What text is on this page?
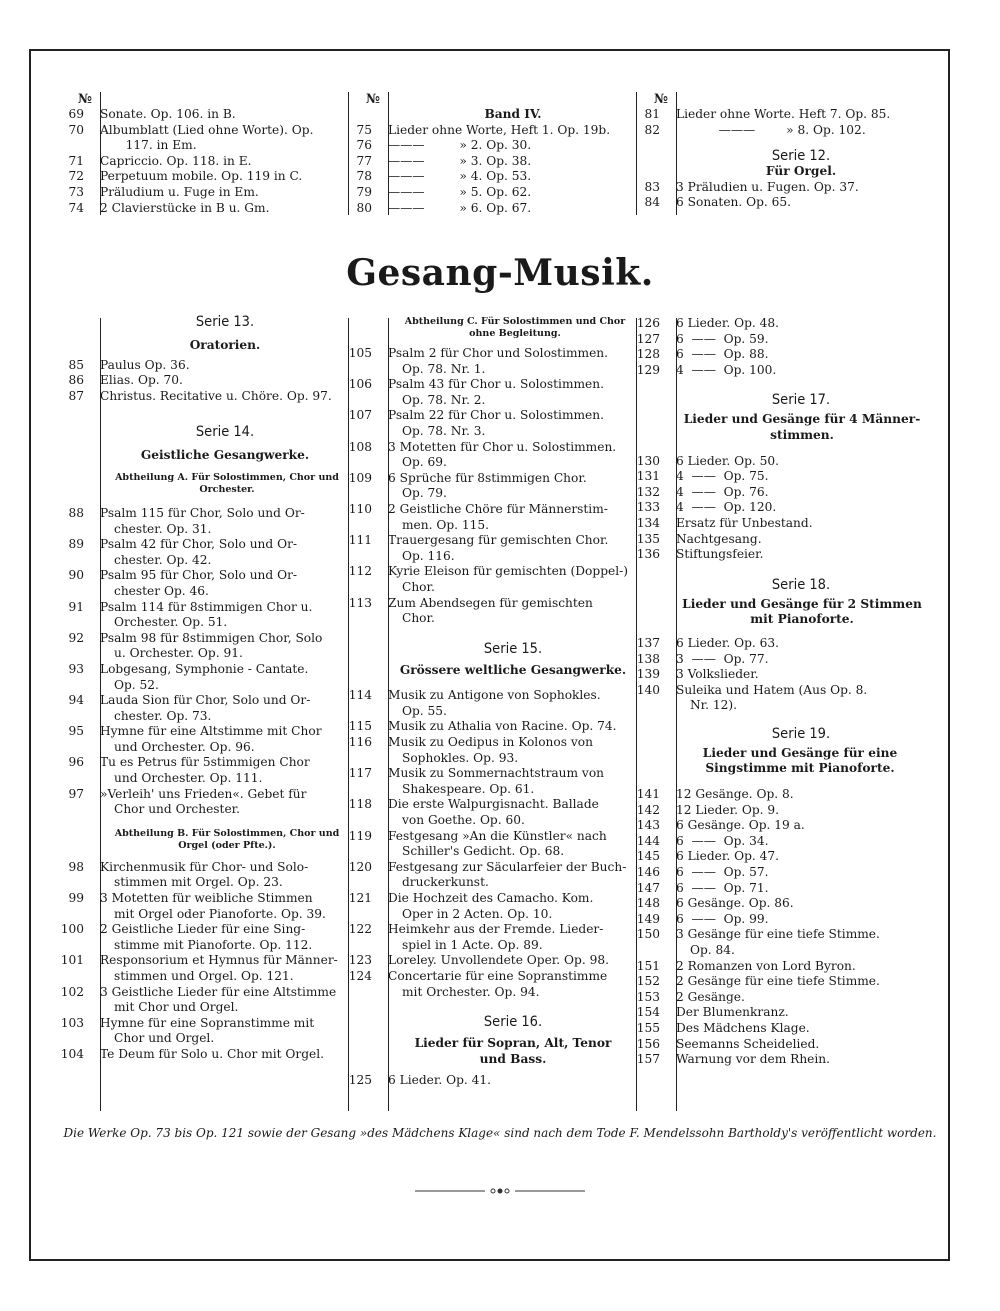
№	№	№
69	Sonate. Op. 106. in B.
70	Albumblatt (Lied ohne Worte). Op.
117. in Em.
71	Capriccio. Op. 118. in E.
72	Perpetuum mobile. Op. 119 in C.
73	Präludium u. Fuge in Em.
74	2 Clavierstücke in B u. Gm.
Band IV.
75	Lieder ohne Worte, Heft 1. Op. 19b.
76	———         » 2. Op. 30.
77	———         » 3. Op. 38.
78	———         » 4. Op. 53.
79	———         » 5. Op. 62.
80	———         » 6. Op. 67.
81	Lieder ohne Worte. Heft 7. Op. 85.
82	———        » 8. Op. 102.
Serie 12.
Für Orgel.
83	3 Präludien u. Fugen. Op. 37.
84	6 Sonaten. Op. 65.
Gesang-Musik.
Serie 13.
Oratorien.
85	Paulus Op. 36.
86	Elias. Op. 70.
87	Christus. Recitative u. Chöre. Op. 97.
Serie 14.
Geistliche Gesangwerke.
Abtheilung A. Für Solostimmen, Chor und Orchester.
88	Psalm 115 für Chor, Solo und Or-
chester. Op. 31.
89	Psalm 42 für Chor, Solo und Or-
chester. Op. 42.
90	Psalm 95 für Chor, Solo und Or-
chester Op. 46.
91	Psalm 114 für 8stimmigen Chor u.
Orchester. Op. 51.
92	Psalm 98 für 8stimmigen Chor, Solo
u. Orchester. Op. 91.
93	Lobgesang, Symphonie - Cantate.
Op. 52.
94	Lauda Sion für Chor, Solo und Or-
chester. Op. 73.
95	Hymne für eine Altstimme mit Chor
und Orchester. Op. 96.
96	Tu es Petrus für 5stimmigen Chor
und Orchester. Op. 111.
97	»Verleih' uns Frieden«. Gebet für
Chor und Orchester.
Abtheilung B. Für Solostimmen, Chor und Orgel (oder Pfte.).
98	Kirchenmusik für Chor- und Solo-
stimmen mit Orgel. Op. 23.
99	3 Motetten für weibliche Stimmen
mit Orgel oder Pianoforte. Op. 39.
100	2 Geistliche Lieder für eine Sing-
stimme mit Pianoforte. Op. 112.
101	Responsorium et Hymnus für Männer-
stimmen und Orgel. Op. 121.
102	3 Geistliche Lieder für eine Altstimme
mit Chor und Orgel.
103	Hymne für eine Sopranstimme mit
Chor und Orgel.
104	Te Deum für Solo u. Chor mit Orgel.
Abtheilung C. Für Solostimmen und Chor ohne Begleitung.
105	Psalm 2 für Chor und Solostimmen.
Op. 78. Nr. 1.
106	Psalm 43 für Chor u. Solostimmen.
Op. 78. Nr. 2.
107	Psalm 22 für Chor u. Solostimmen.
Op. 78. Nr. 3.
108	3 Motetten für Chor u. Solostimmen.
Op. 69.
109	6 Sprüche für 8stimmigen Chor.
Op. 79.
110	2 Geistliche Chöre für Männerstim-
men. Op. 115.
111	Trauergesang für gemischten Chor.
Op. 116.
112	Kyrie Eleison für gemischten (Doppel-)
Chor.
113	Zum Abendsegen für gemischten
Chor.
Serie 15.
Grössere weltliche Gesangwerke.
114	Musik zu Antigone von Sophokles.
Op. 55.
115	Musik zu Athalia von Racine. Op. 74.
116	Musik zu Oedipus in Kolonos von
Sophokles. Op. 93.
117	Musik zu Sommernachtstraum von
Shakespeare. Op. 61.
118	Die erste Walpurgisnacht. Ballade
von Goethe. Op. 60.
119	Festgesang »An die Künstler« nach
Schiller's Gedicht. Op. 68.
120	Festgesang zur Säcularfeier der Buch-
druckerkunst.
121	Die Hochzeit des Camacho. Kom.
Oper in 2 Acten. Op. 10.
122	Heimkehr aus der Fremde. Lieder-
spiel in 1 Acte. Op. 89.
123	Loreley. Unvollendete Oper. Op. 98.
124	Concertarie für eine Sopranstimme
mit Orchester. Op. 94.
Serie 16.
Lieder für Sopran, Alt, Tenor und Bass.
125	6 Lieder. Op. 41.
126	6 Lieder. Op. 48.
127	6  ——  Op. 59.
128	6  ——  Op. 88.
129	4  ——  Op. 100.
Serie 17.
Lieder und Gesänge für 4 Männer-stimmen.
130	6 Lieder. Op. 50.
131	4  ——  Op. 75.
132	4  ——  Op. 76.
133	4  ——  Op. 120.
134	Ersatz für Unbestand.
135	Nachtgesang.
136	Stiftungsfeier.
Serie 18.
Lieder und Gesänge für 2 Stimmen mit Pianoforte.
137	6 Lieder. Op. 63.
138	3  ——  Op. 77.
139	3 Volkslieder.
140	Suleika und Hatem (Aus Op. 8.
Nr. 12).
Serie 19.
Lieder und Gesänge für eine Singstimme mit Pianoforte.
141	12 Gesänge. Op. 8.
142	12 Lieder. Op. 9.
143	6 Gesänge. Op. 19 a.
144	6  ——  Op. 34.
145	6 Lieder. Op. 47.
146	6  ——  Op. 57.
147	6  ——  Op. 71.
148	6 Gesänge. Op. 86.
149	6  ——  Op. 99.
150	3 Gesänge für eine tiefe Stimme.
Op. 84.
151	2 Romanzen von Lord Byron.
152	2 Gesänge für eine tiefe Stimme.
153	2 Gesänge.
154	Der Blumenkranz.
155	Des Mädchens Klage.
156	Seemanns Scheidelied.
157	Warnung vor dem Rhein.
Die Werke Op. 73 bis Op. 121 sowie der Gesang »des Mädchens Klage« sind nach dem Tode F. Mendelssohn Bartholdy's veröffentlicht worden.
